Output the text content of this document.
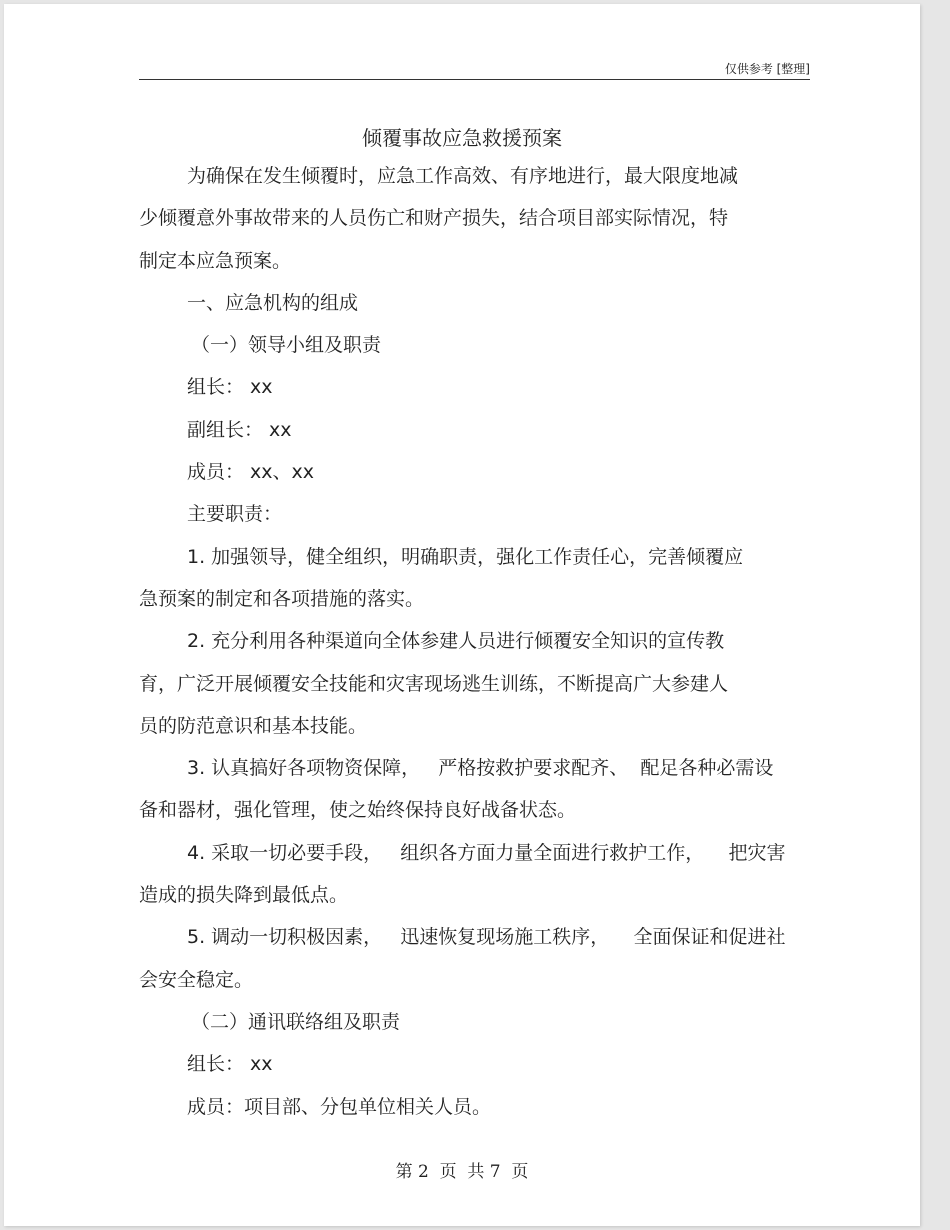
仅供参考 [整理]
倾覆事故应急救援预案
为确保在发生倾覆时，应急工作高效、有序地进行，最大限度地减
少倾覆意外事故带来的人员伤亡和财产损失，结合项目部实际情况，特
制定本应急预案。
一、应急机构的组成
（一）领导小组及职责
组长： xx
副组长： xx
成员： xx、xx
主要职责：
1. 加强领导，健全组织，明确职责，强化工作责任心，完善倾覆应
急预案的制定和各项措施的落实。
2. 充分利用各种渠道向全体参建人员进行倾覆安全知识的宣传教
育，广泛开展倾覆安全技能和灾害现场逃生训练，不断提高广大参建人
员的防范意识和基本技能。
3. 认真搞好各项物资保障，   严格按救护要求配齐、  配足各种必需设
备和器材，强化管理，使之始终保持良好战备状态。
4. 采取一切必要手段，   组织各方面力量全面进行救护工作，    把灾害
造成的损失降到最低点。
5. 调动一切积极因素，   迅速恢复现场施工秩序，    全面保证和促进社
会安全稳定。
（二）通讯联络组及职责
组长： xx
成员：项目部、分包单位相关人员。
第 2  页  共 7  页
